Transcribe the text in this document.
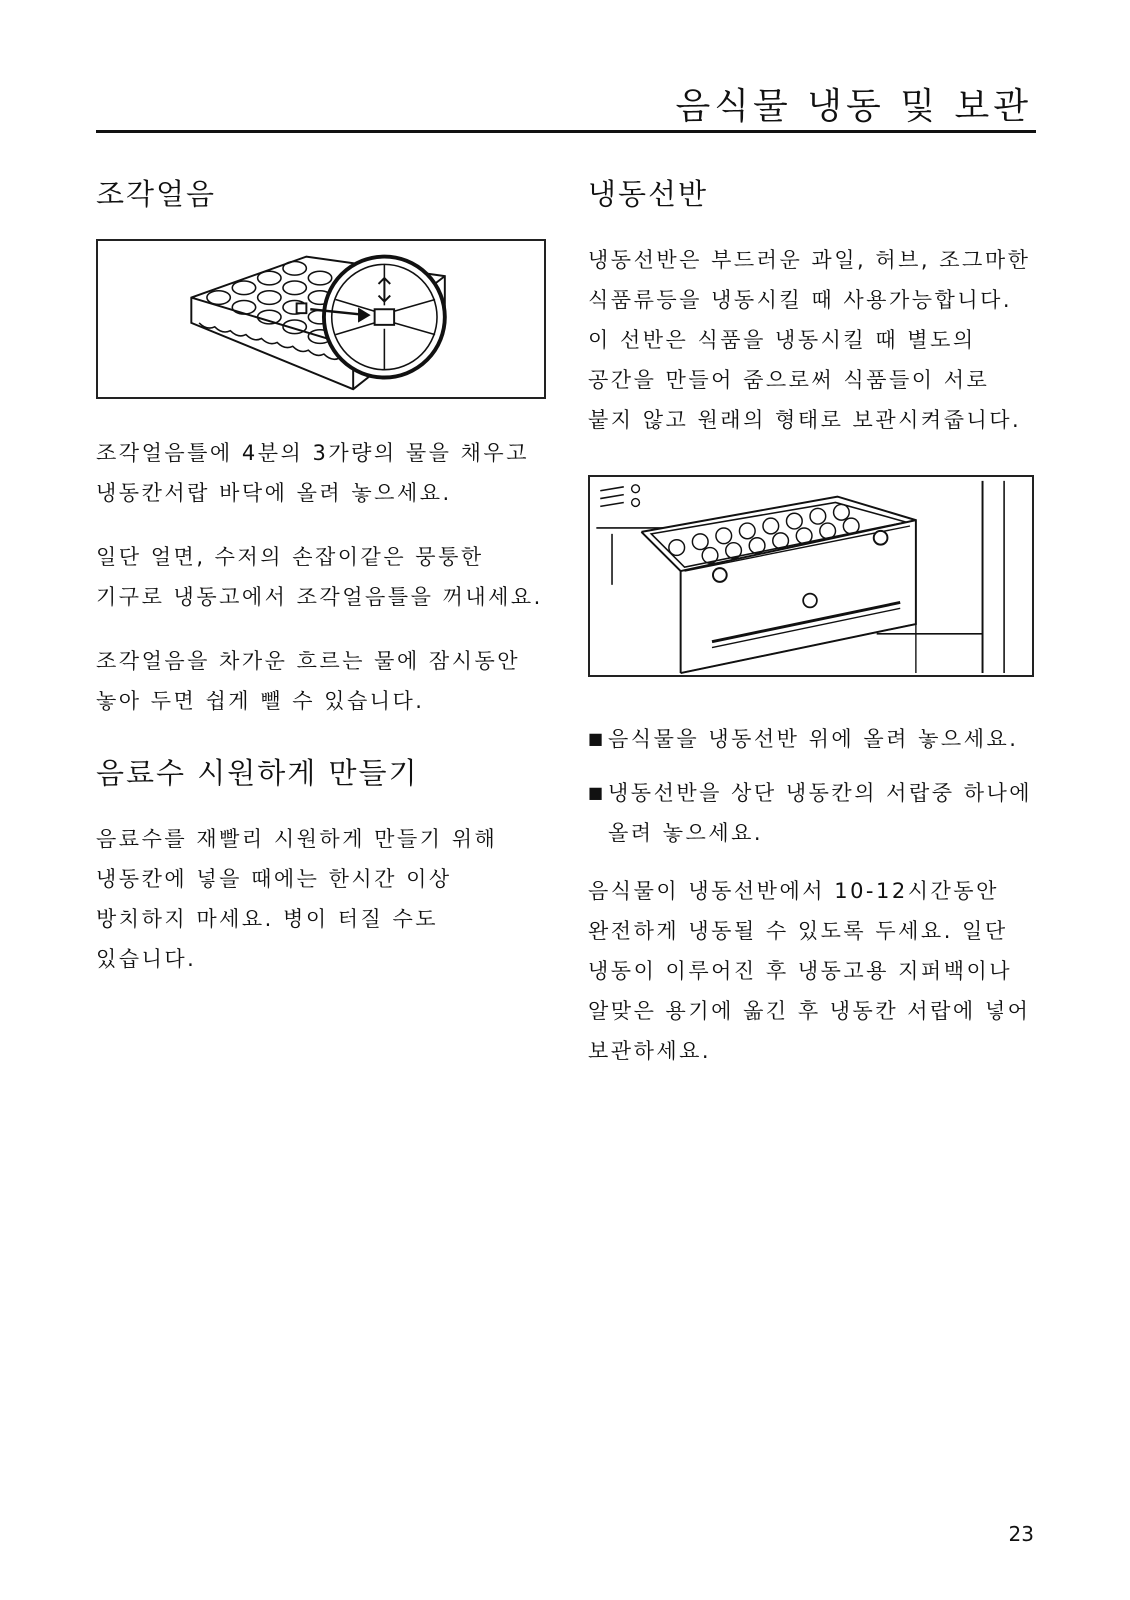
음식물 냉동 및 보관
조각얼음

조각얼음틀에 4분의 3가량의 물을 채우고 냉동칸서랍 바닥에 올려 놓으세요.

일단 얼면, 수저의 손잡이같은 뭉퉁한 기구로 냉동고에서 조각얼음틀을 꺼내세요.

조각얼음을 차가운 흐르는 물에 잠시동안 놓아 두면 쉽게 뺄 수 있습니다.

음료수 시원하게 만들기

음료수를 재빨리 시원하게 만들기 위해 냉동칸에 넣을 때에는 한시간 이상 방치하지 마세요. 병이 터질 수도 있습니다.

냉동선반

냉동선반은 부드러운 과일, 허브, 조그마한 식품류등을 냉동시킬 때 사용가능합니다. 이 선반은 식품을 냉동시킬 때 별도의 공간을 만들어 줌으로써 식품들이 서로 붙지 않고 원래의 형태로 보관시켜줍니다.

■ 음식물을 냉동선반 위에 올려 놓으세요.
■ 냉동선반을 상단 냉동칸의 서랍중 하나에 올려 놓으세요.

음식물이 냉동선반에서 10-12시간동안 완전하게 냉동될 수 있도록 두세요. 일단 냉동이 이루어진 후 냉동고용 지퍼백이나 알맞은 용기에 옮긴 후 냉동칸 서랍에 넣어 보관하세요.

23
